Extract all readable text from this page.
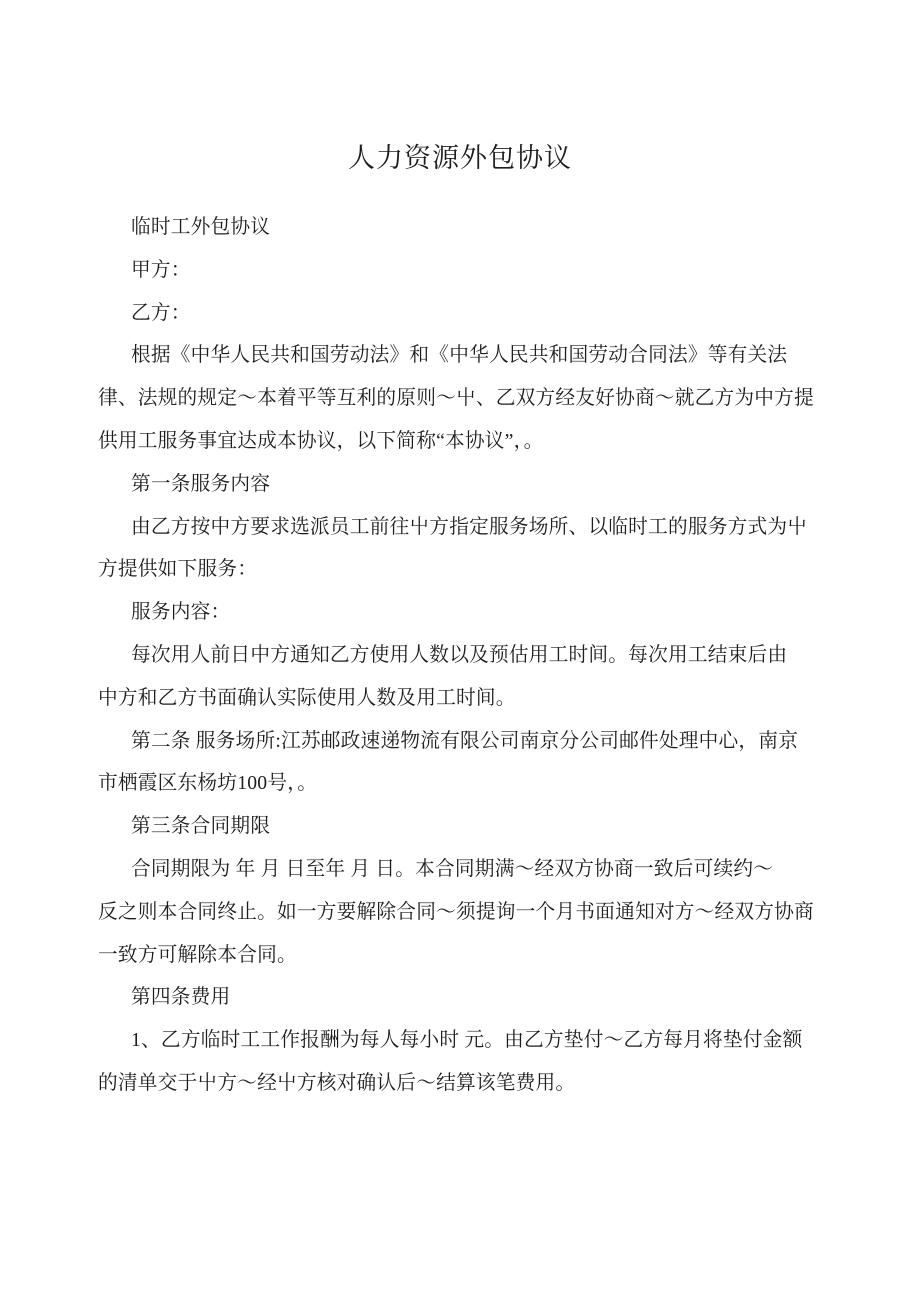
人力资源外包协议
临时工外包协议
甲方：
乙方：
根据《中华人民共和国劳动法》和《中华人民共和国劳动合同法》等有关法
律、法规的规定～本着平等互利的原则～屮、乙双方经友好协商～就乙方为中方提
供用工服务事宜达成本协议，以下简称“本协议”，。
第一条服务内容
由乙方按中方要求选派员工前往屮方指定服务场所、以临时工的服务方式为屮
方提供如下服务：
服务内容：
每次用人前日中方通知乙方使用人数以及预估用工时间。每次用工结束后由
中方和乙方书面确认实际使用人数及用工时间。
第二条 服务场所:江苏邮政速递物流有限公司南京分公司邮件处理中心，南京
市栖霞区东杨坊100号，。
第三条合同期限
合同期限为 年 月 日至年 月 日。本合同期满～经双方协商一致后可续约～
反之则本合同终止。如一方要解除合同～须提询一个月书面通知对方～经双方协商
一致方可解除本合同。
第四条费用
1、乙方临时工工作报酬为每人每小时 元。由乙方垫付～乙方每月将垫付金额
的清单交于屮方～经屮方核对确认后～结算该笔费用。
